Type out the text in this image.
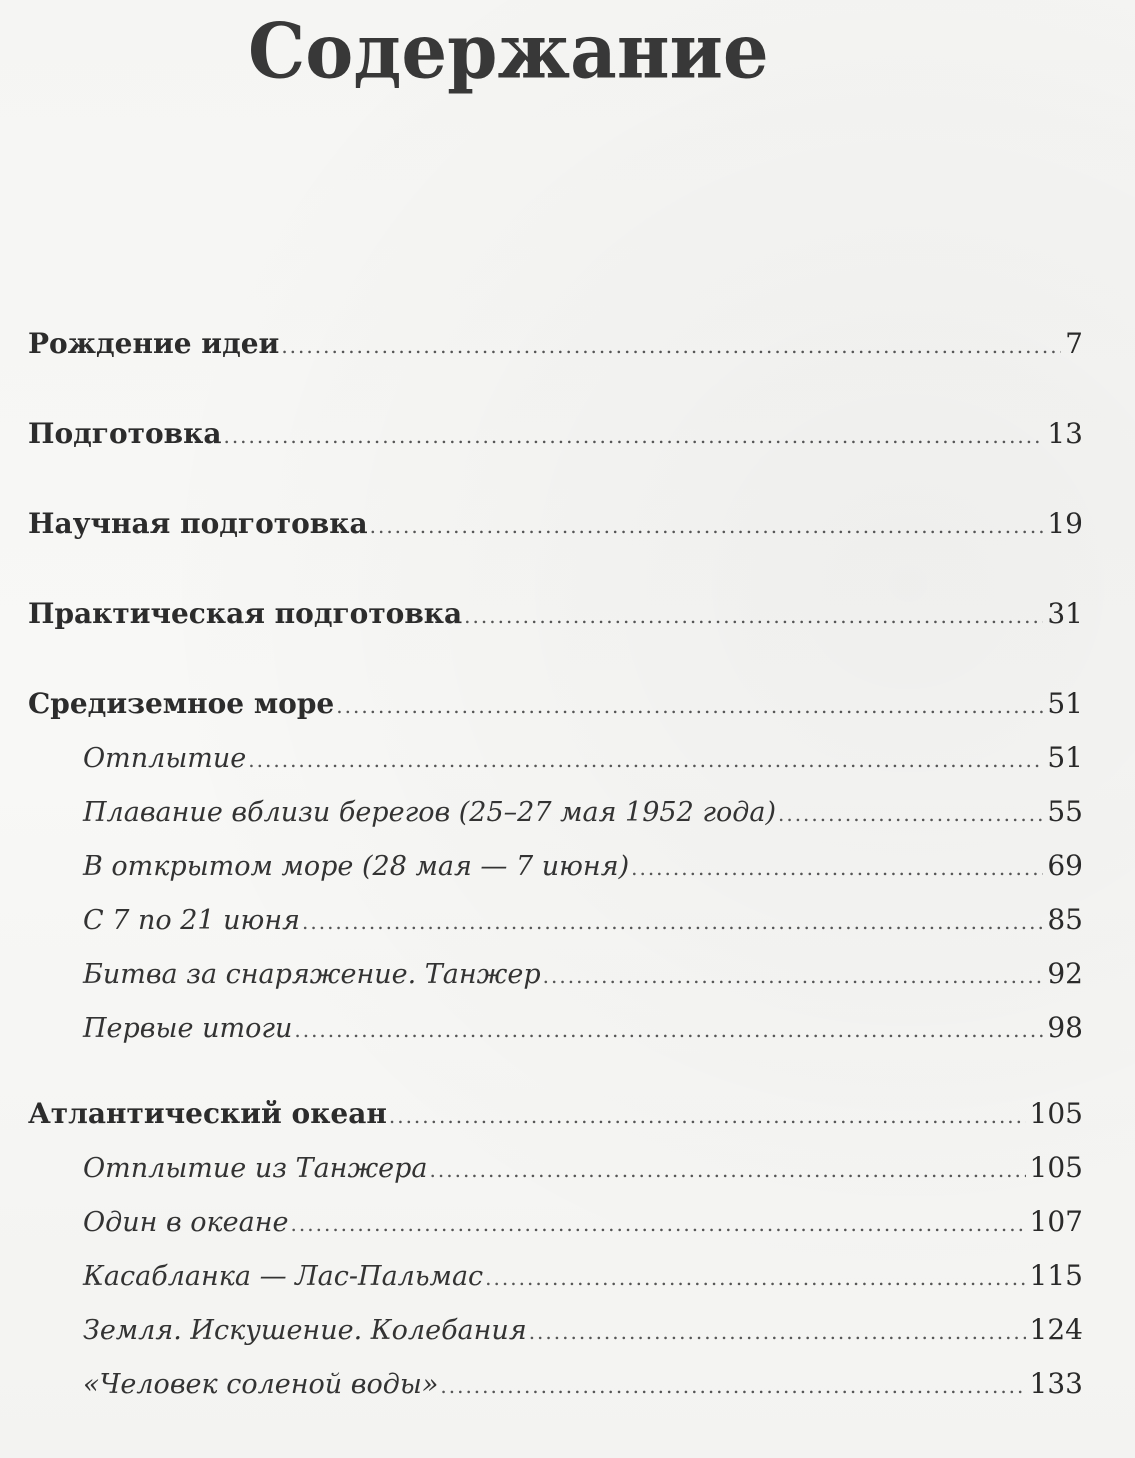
Содержание
Рождение идеи .....	7
Подготовка .....	13
Научная подготовка .....	19
Практическая подготовка .....	31
Средиземное море .....	51
Отплытие .....	51
Плавание вблизи берегов (25–27 мая 1952 года) .....	55
В открытом море (28 мая — 7 июня) .....	69
С 7 по 21 июня .....	85
Битва за снаряжение. Танжер .....	92
Первые итоги .....	98
Атлантический океан .....	105
Отплытие из Танжера .....	105
Один в океане .....	107
Касабланка — Лас-Пальмас .....	115
Земля. Искушение. Колебания .....	124
«Человек соленой воды» .....	133
